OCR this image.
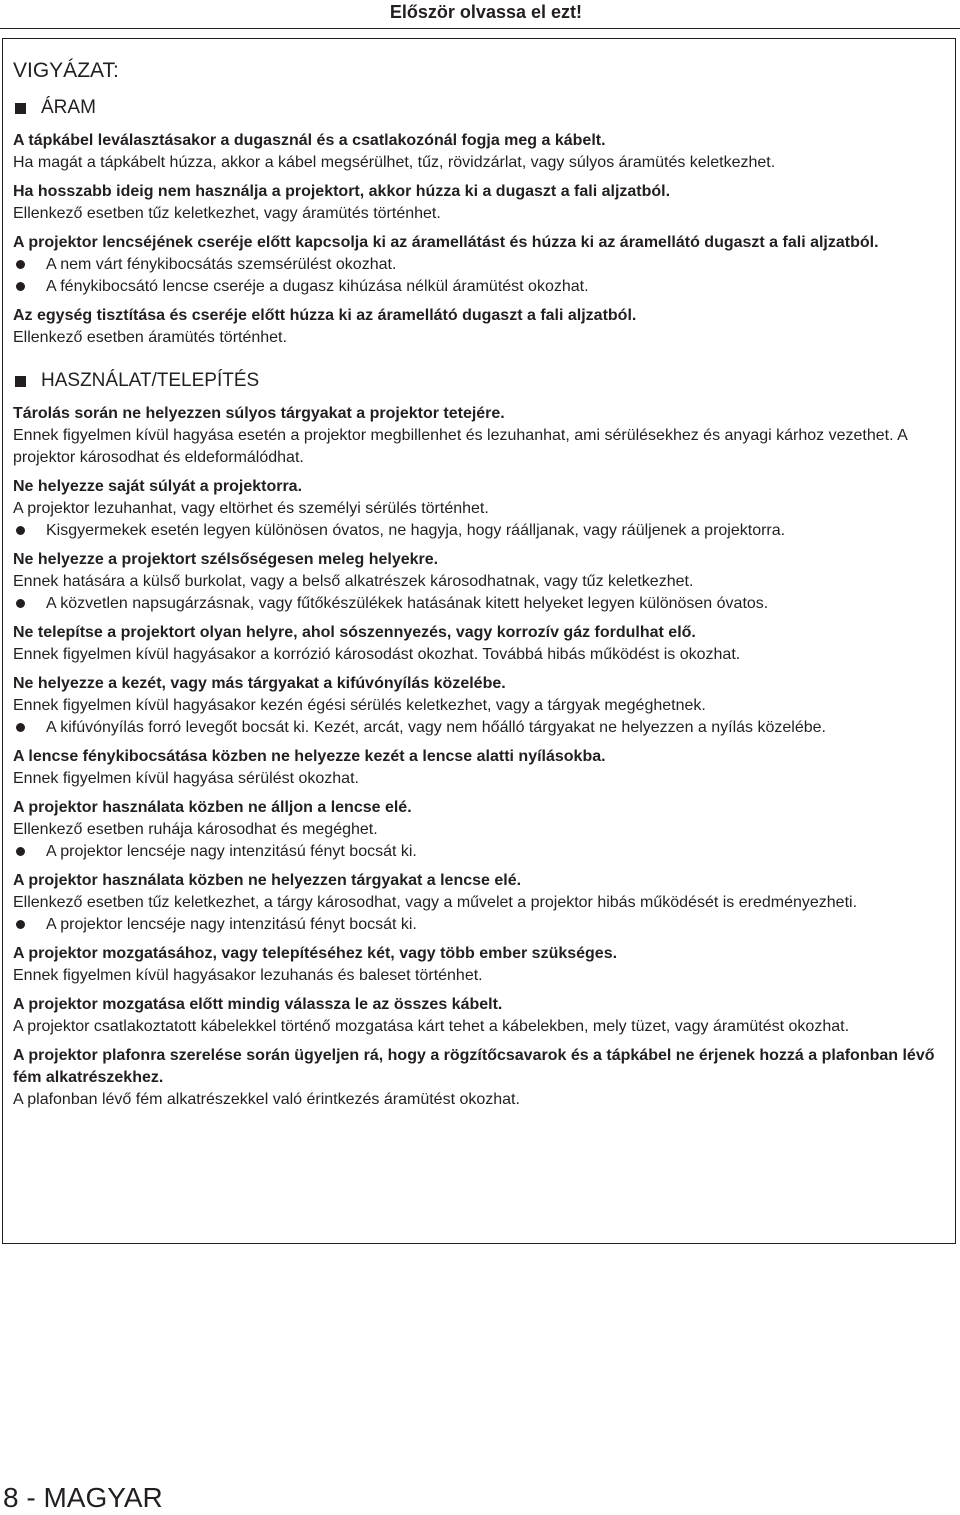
Először olvassa el ezt!
VIGYÁZAT:
ÁRAM
A tápkábel leválasztásakor a dugasznál és a csatlakozónál fogja meg a kábelt.
Ha magát a tápkábelt húzza, akkor a kábel megsérülhet, tűz, rövidzárlat, vagy súlyos áramütés keletkezhet.
Ha hosszabb ideig nem használja a projektort, akkor húzza ki a dugaszt a fali aljzatból.
Ellenkező esetben tűz keletkezhet, vagy áramütés történhet.
A projektor lencséjének cseréje előtt kapcsolja ki az áramellátást és húzza ki az áramellátó dugaszt a fali aljzatból.
A nem várt fénykibocsátás szemsérülést okozhat.
A fénykibocsátó lencse cseréje a dugasz kihúzása nélkül áramütést okozhat.
Az egység tisztítása és cseréje előtt húzza ki az áramellátó dugaszt a fali aljzatból.
Ellenkező esetben áramütés történhet.
HASZNÁLAT/TELEPÍTÉS
Tárolás során ne helyezzen súlyos tárgyakat a projektor tetejére.
Ennek figyelmen kívül hagyása esetén a projektor megbillenhet és lezuhanhat, ami sérülésekhez és anyagi kárhoz vezethet. A projektor károsodhat és eldeformálódhat.
Ne helyezze saját súlyát a projektorra.
A projektor lezuhanhat, vagy eltörhet és személyi sérülés történhet.
Kisgyermekek esetén legyen különösen óvatos, ne hagyja, hogy ráálljanak, vagy ráüljenek a projektorra.
Ne helyezze a projektort szélsőségesen meleg helyekre.
Ennek hatására a külső burkolat, vagy a belső alkatrészek károsodhatnak, vagy tűz keletkezhet.
A közvetlen napsugárzásnak, vagy fűtőkészülékek hatásának kitett helyeket legyen különösen óvatos.
Ne telepítse a projektort olyan helyre, ahol sószennyezés, vagy korrozív gáz fordulhat elő.
Ennek figyelmen kívül hagyásakor a korrózió károsodást okozhat. Továbbá hibás működést is okozhat.
Ne helyezze a kezét, vagy más tárgyakat a kifúvónyílás közelébe.
Ennek figyelmen kívül hagyásakor kezén égési sérülés keletkezhet, vagy a tárgyak megéghetnek.
A kifúvónyílás forró levegőt bocsát ki. Kezét, arcát, vagy nem hőálló tárgyakat ne helyezzen a nyílás közelébe.
A lencse fénykibocsátása közben ne helyezze kezét a lencse alatti nyílásokba.
Ennek figyelmen kívül hagyása sérülést okozhat.
A projektor használata közben ne álljon a lencse elé.
Ellenkező esetben ruhája károsodhat és megéghet.
A projektor lencséje nagy intenzitású fényt bocsát ki.
A projektor használata közben ne helyezzen tárgyakat a lencse elé.
Ellenkező esetben tűz keletkezhet, a tárgy károsodhat, vagy a művelet a projektor hibás működését is eredményezheti.
A projektor lencséje nagy intenzitású fényt bocsát ki.
A projektor mozgatásához, vagy telepítéséhez két, vagy több ember szükséges.
Ennek figyelmen kívül hagyásakor lezuhanás és baleset történhet.
A projektor mozgatása előtt mindig válassza le az összes kábelt.
A projektor csatlakoztatott kábelekkel történő mozgatása kárt tehet a kábelekben, mely tüzet, vagy áramütést okozhat.
A projektor plafonra szerelése során ügyeljen rá, hogy a rögzítőcsavarok és a tápkábel ne érjenek hozzá a plafonban lévő fém alkatrészekhez.
A plafonban lévő fém alkatrészekkel való érintkezés áramütést okozhat.
8 - MAGYAR
